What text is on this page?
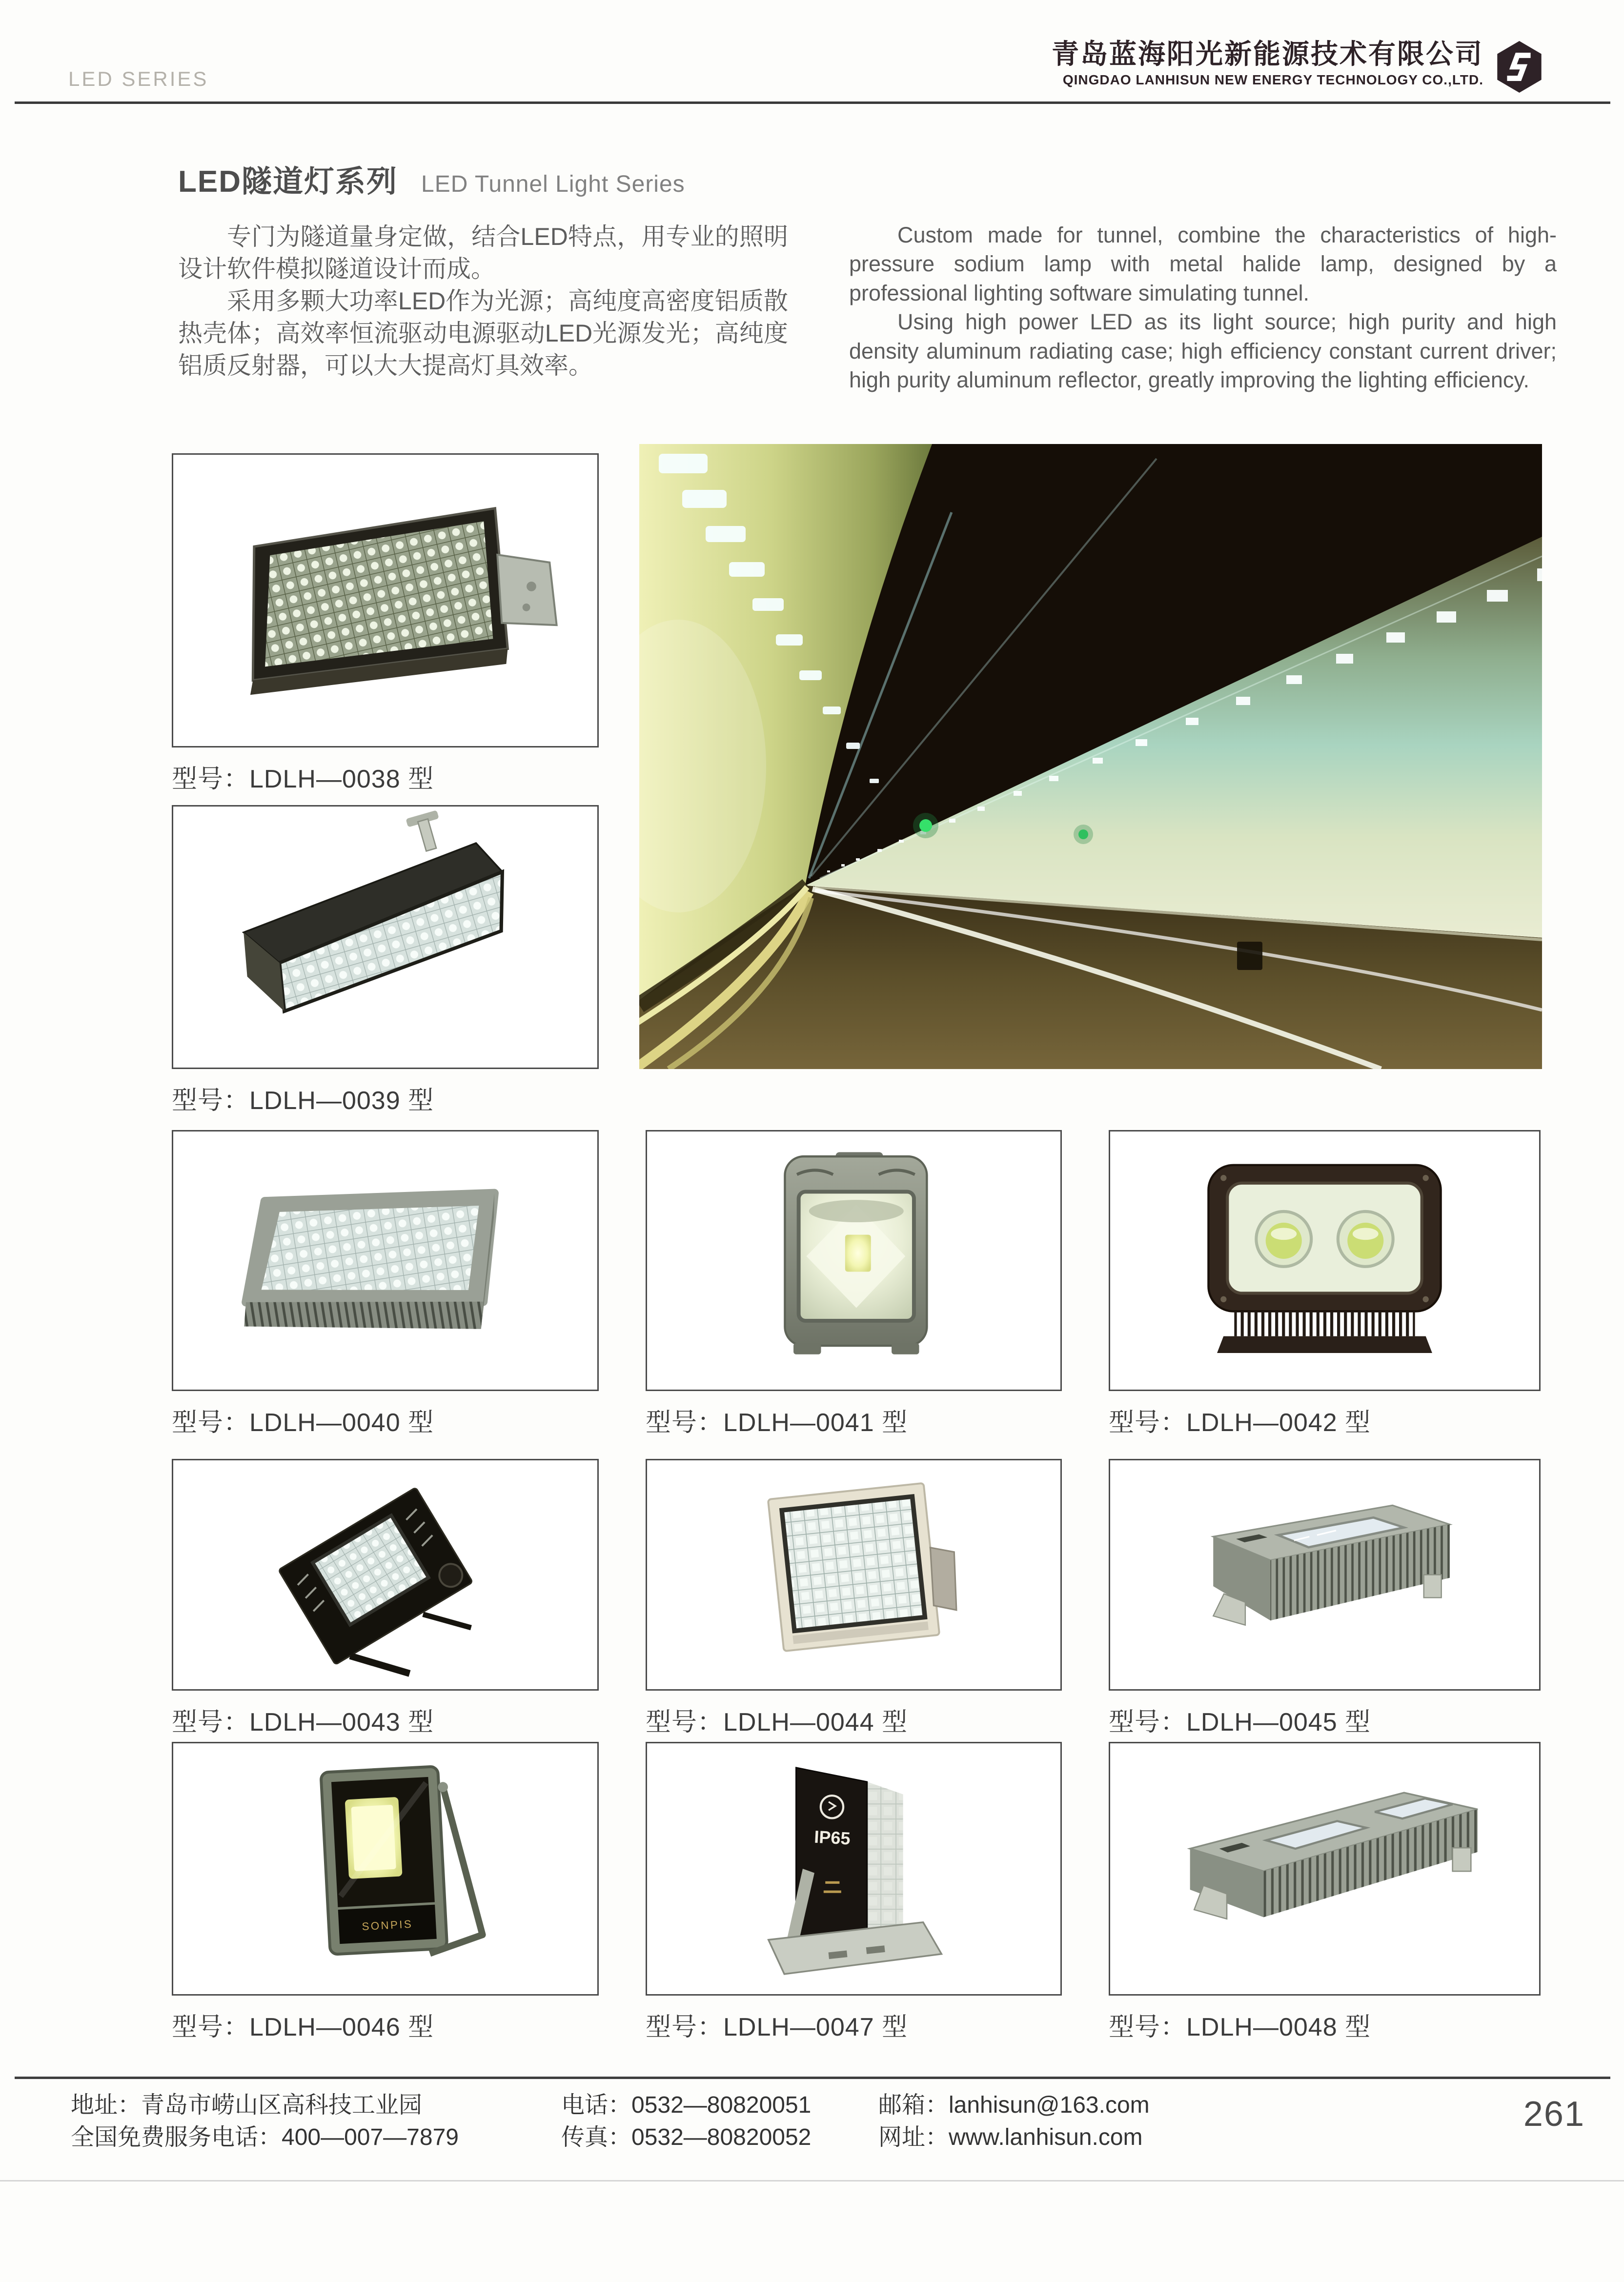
LED SERIES
青岛蓝海阳光新能源技术有限公司
QINGDAO LANHISUN NEW ENERGY TECHNOLOGY CO.,LTD.
LED隧道灯系列 LED Tunnel Light Series

专门为隧道量身定做，结合LED特点，用专业的照明设计软件模拟隧道设计而成。

采用多颗大功率LED作为光源；高纯度高密度铝质散热壳体；高效率恒流驱动电源驱动LED光源发光；高纯度铝质反射器，可以大大提高灯具效率。

Custom made for tunnel, combine the characteristics of high-pressure sodium lamp with metal halide lamp, designed by a professional lighting software simulating tunnel.

Using high power LED as its light source; high purity and high density aluminum radiating case; high efficiency constant current driver; high purity aluminum reflector, greatly improving the lighting efficiency.

型号：LDLH—0038 型
型号：LDLH—0039 型
型号：LDLH—0040 型	型号：LDLH—0041 型	型号：LDLH—0042 型
型号：LDLH—0043 型	型号：LDLH—0044 型	型号：LDLH—0045 型
SONPIS
型号：LDLH—0046 型
IP65
型号：LDLH—0047 型	型号：LDLH—0048 型
地址：青岛市崂山区高科技工业园
全国免费服务电话：400—007—7879
电话：0532—80820051
传真：0532—80820052
邮箱：lanhisun@163.com
网址：www.lanhisun.com
261
